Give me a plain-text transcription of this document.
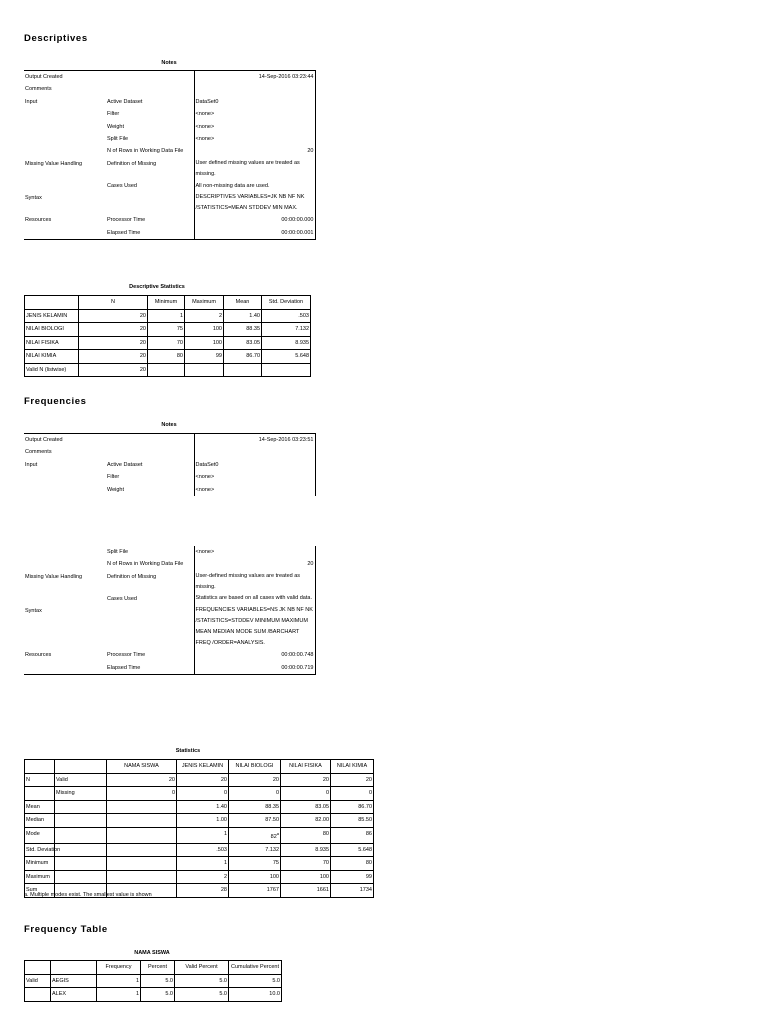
Descriptives
Notes
Output Created		14-Sep-2016 03:23:44
Comments		
Input	Active Dataset	DataSet0
	Filter	<none>
	Weight	<none>
	Split File	<none>
	N of Rows in Working Data File	20
Missing Value Handling	Definition of Missing	User defined missing values are treated as missing.
	Cases Used	All non-missing data are used.
Syntax		DESCRIPTIVES VARIABLES=JK NB NF NK /STATISTICS=MEAN STDDEV MIN MAX.
Resources	Processor Time	00:00:00.000
	Elapsed Time	00:00:00.001
Descriptive Statistics
	N	Minimum	Maximum	Mean	Std. Deviation
JENIS KELAMIN	20	1	2	1.40	.503
NILAI BIOLOGI	20	75	100	88.35	7.132
NILAI FISIKA	20	70	100	83.05	8.935
NILAI KIMIA	20	80	99	86.70	5.648
Valid N (listwise)	20				
Frequencies
Notes
Output Created		14-Sep-2016 03:23:51
Comments		
Input	Active Dataset	DataSet0
	Filter	<none>
	Weight	<none>
	Split File	<none>
	N of Rows in Working Data File	20
Missing Value Handling	Definition of Missing	User-defined missing values are treated as missing.
	Cases Used	Statistics are based on all cases with valid data.
Syntax		FREQUENCIES VARIABLES=NS JK NB NF NK /STATISTICS=STDDEV MINIMUM MAXIMUM MEAN MEDIAN MODE SUM /BARCHART FREQ /ORDER=ANALYSIS.
Resources	Processor Time	00:00:00.748
	Elapsed Time	00:00:00.719
Statistics
		NAMA SISWA	JENIS KELAMIN	NILAI BIOLOGI	NILAI FISIKA	NILAI KIMIA
N	Valid	20	20	20	20	20
	Missing	0	0	0	0	0
Mean			1.40	88.35	83.05	86.70
Median			1.00	87.50	82.00	85.50
Mode			1	82$^a$	80	86
Std. Deviation			.503	7.132	8.935	5.648
Minimum			1	75	70	80
Maximum			2	100	100	99
Sum			28	1767	1661	1734
a. Multiple modes exist. The smallest value is shown
Frequency Table
NAMA SISWA
		Frequency	Percent	Valid Percent	Cumulative Percent
Valid	AEGIS	1	5.0	5.0	5.0
	ALEX	1	5.0	5.0	10.0
